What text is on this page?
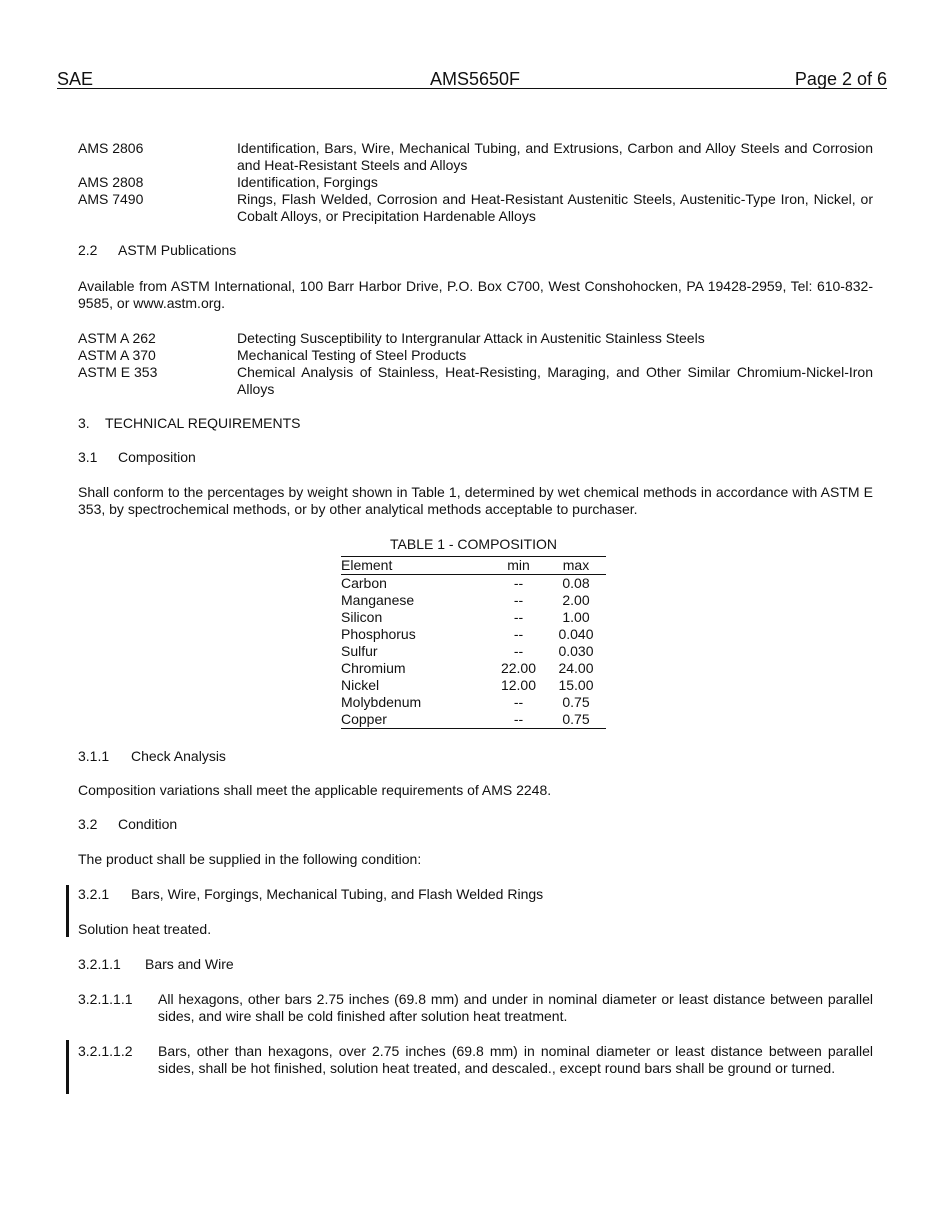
SAE	AMS5650F	Page 2 of 6
AMS 2806	Identification, Bars, Wire, Mechanical Tubing, and Extrusions, Carbon and Alloy Steels and Corrosion and Heat-Resistant Steels and Alloys
AMS 2808	Identification, Forgings
AMS 7490	Rings, Flash Welded, Corrosion and Heat-Resistant Austenitic Steels, Austenitic-Type Iron, Nickel, or Cobalt Alloys, or Precipitation Hardenable Alloys
2.2 ASTM Publications
Available from ASTM International, 100 Barr Harbor Drive, P.O. Box C700, West Conshohocken, PA 19428-2959, Tel: 610-832-9585, or www.astm.org.
ASTM A 262	Detecting Susceptibility to Intergranular Attack in Austenitic Stainless Steels
ASTM A 370	Mechanical Testing of Steel Products
ASTM E 353	Chemical Analysis of Stainless, Heat-Resisting, Maraging, and Other Similar Chromium-Nickel-Iron Alloys
3. TECHNICAL REQUIREMENTS
3.1 Composition
Shall conform to the percentages by weight shown in Table 1, determined by wet chemical methods in accordance with ASTM E 353, by spectrochemical methods, or by other analytical methods acceptable to purchaser.
TABLE 1 - COMPOSITION
Element	min	max
Carbon	--	0.08
Manganese	--	2.00
Silicon	--	1.00
Phosphorus	--	0.040
Sulfur	--	0.030
Chromium	22.00	24.00
Nickel	12.00	15.00
Molybdenum	--	0.75
Copper	--	0.75
3.1.1 Check Analysis
Composition variations shall meet the applicable requirements of AMS 2248.
3.2 Condition
The product shall be supplied in the following condition:
3.2.1 Bars, Wire, Forgings, Mechanical Tubing, and Flash Welded Rings
Solution heat treated.
3.2.1.1 Bars and Wire
3.2.1.1.1 All hexagons, other bars 2.75 inches (69.8 mm) and under in nominal diameter or least distance between parallel sides, and wire shall be cold finished after solution heat treatment.
3.2.1.1.2 Bars, other than hexagons, over 2.75 inches (69.8 mm) in nominal diameter or least distance between parallel sides, shall be hot finished, solution heat treated, and descaled., except round bars shall be ground or turned.
